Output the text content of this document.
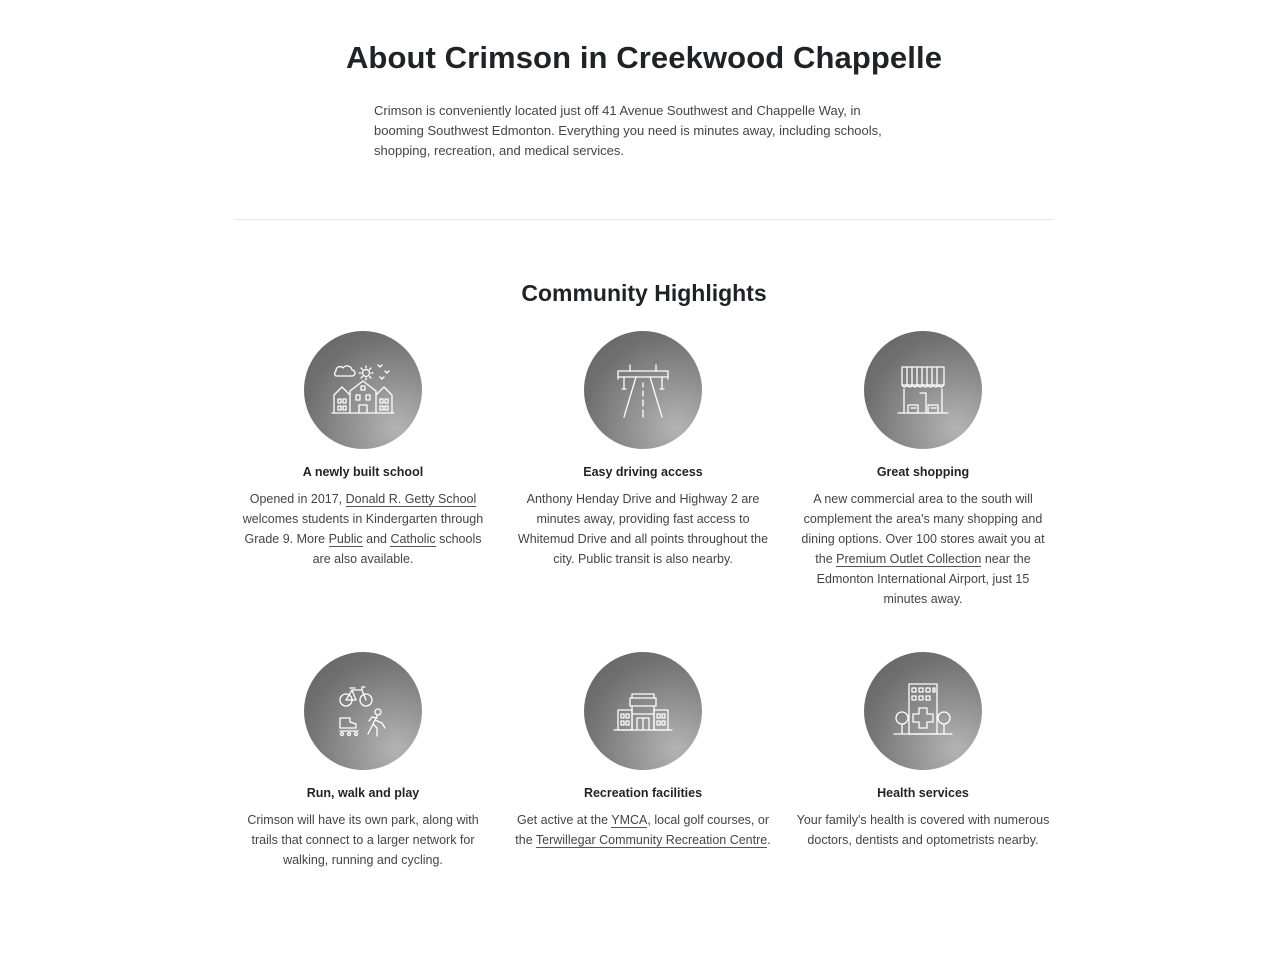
About Crimson in Creekwood Chappelle

Crimson is conveniently located just off 41 Avenue Southwest and Chappelle Way, in booming Southwest Edmonton. Everything you need is minutes away, including schools, shopping, recreation, and medical services.

Community Highlights
A newly built school

Opened in 2017, Donald R. Getty School welcomes students in Kindergarten through Grade 9. More Public and Catholic schools are also available.

Easy driving access

Anthony Henday Drive and Highway 2 are minutes away, providing fast access to Whitemud Drive and all points throughout the city. Public transit is also nearby.

Great shopping

A new commercial area to the south will complement the area's many shopping and dining options. Over 100 stores await you at the Premium Outlet Collection near the Edmonton International Airport, just 15 minutes away.

Run, walk and play

Crimson will have its own park, along with trails that connect to a larger network for walking, running and cycling.

Recreation facilities

Get active at the YMCA, local golf courses, or the Terwillegar Community Recreation Centre.

Health services

Your family's health is covered with numerous doctors, dentists and optometrists nearby.
